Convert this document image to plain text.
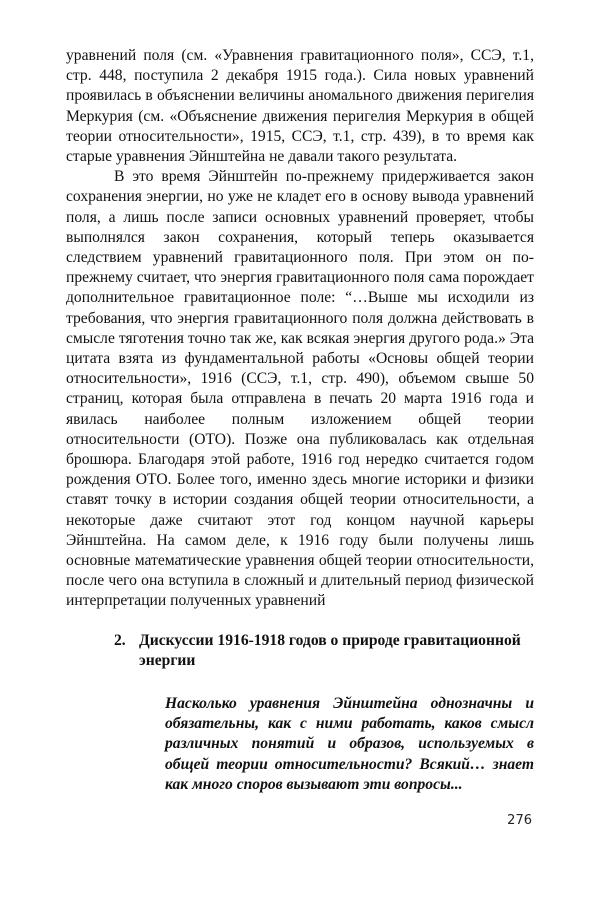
уравнений поля (см. «Уравнения гравитационного поля», ССЭ, т.1, стр. 448, поступила 2 декабря 1915 года.). Сила новых уравнений проявилась в объяснении величины аномального движения перигелия Меркурия (см. «Объяснение движения перигелия Меркурия в общей теории относительности», 1915, ССЭ, т.1, стр. 439), в то время как старые уравнения Эйнштейна не давали такого результата.

В это время Эйнштейн по-прежнему придерживается закон сохранения энергии, но уже не кладет его в основу вывода уравнений поля, а лишь после записи основных уравнений проверяет, чтобы выполнялся закон сохранения, который теперь оказывается следствием уравнений гравитационного поля. При этом он по-прежнему считает, что энергия гравитационного поля сама порождает дополнительное гравитационное поле: “…Выше мы исходили из требования, что энергия гравитационного поля должна действовать в смысле тяготения точно так же, как всякая энергия другого рода.» Эта цитата взята из фундаментальной работы «Основы общей теории относительности», 1916 (ССЭ, т.1, стр. 490), объемом свыше 50 страниц, которая была отправлена в печать 20 марта 1916 года и явилась наиболее полным изложением общей теории относительности (ОТО). Позже она публиковалась как отдельная брошюра. Благодаря этой работе, 1916 год нередко считается годом рождения ОТО. Более того, именно здесь многие историки и физики ставят точку в истории создания общей теории относительности, а некоторые даже считают этот год концом научной карьеры Эйнштейна. На самом деле, к 1916 году были получены лишь основные математические уравнения общей теории относительности, после чего она вступила в сложный и длительный период физической интерпретации полученных уравнений

2. Дискуссии 1916-1918 годов о природе гравитационной энергии
Насколько уравнения Эйнштейна однозначны и обязательны, как с ними работать, каков смысл различных понятий и образов, используемых в общей теории относительности? Всякий… знает как много споров вызывают эти вопросы...
276
